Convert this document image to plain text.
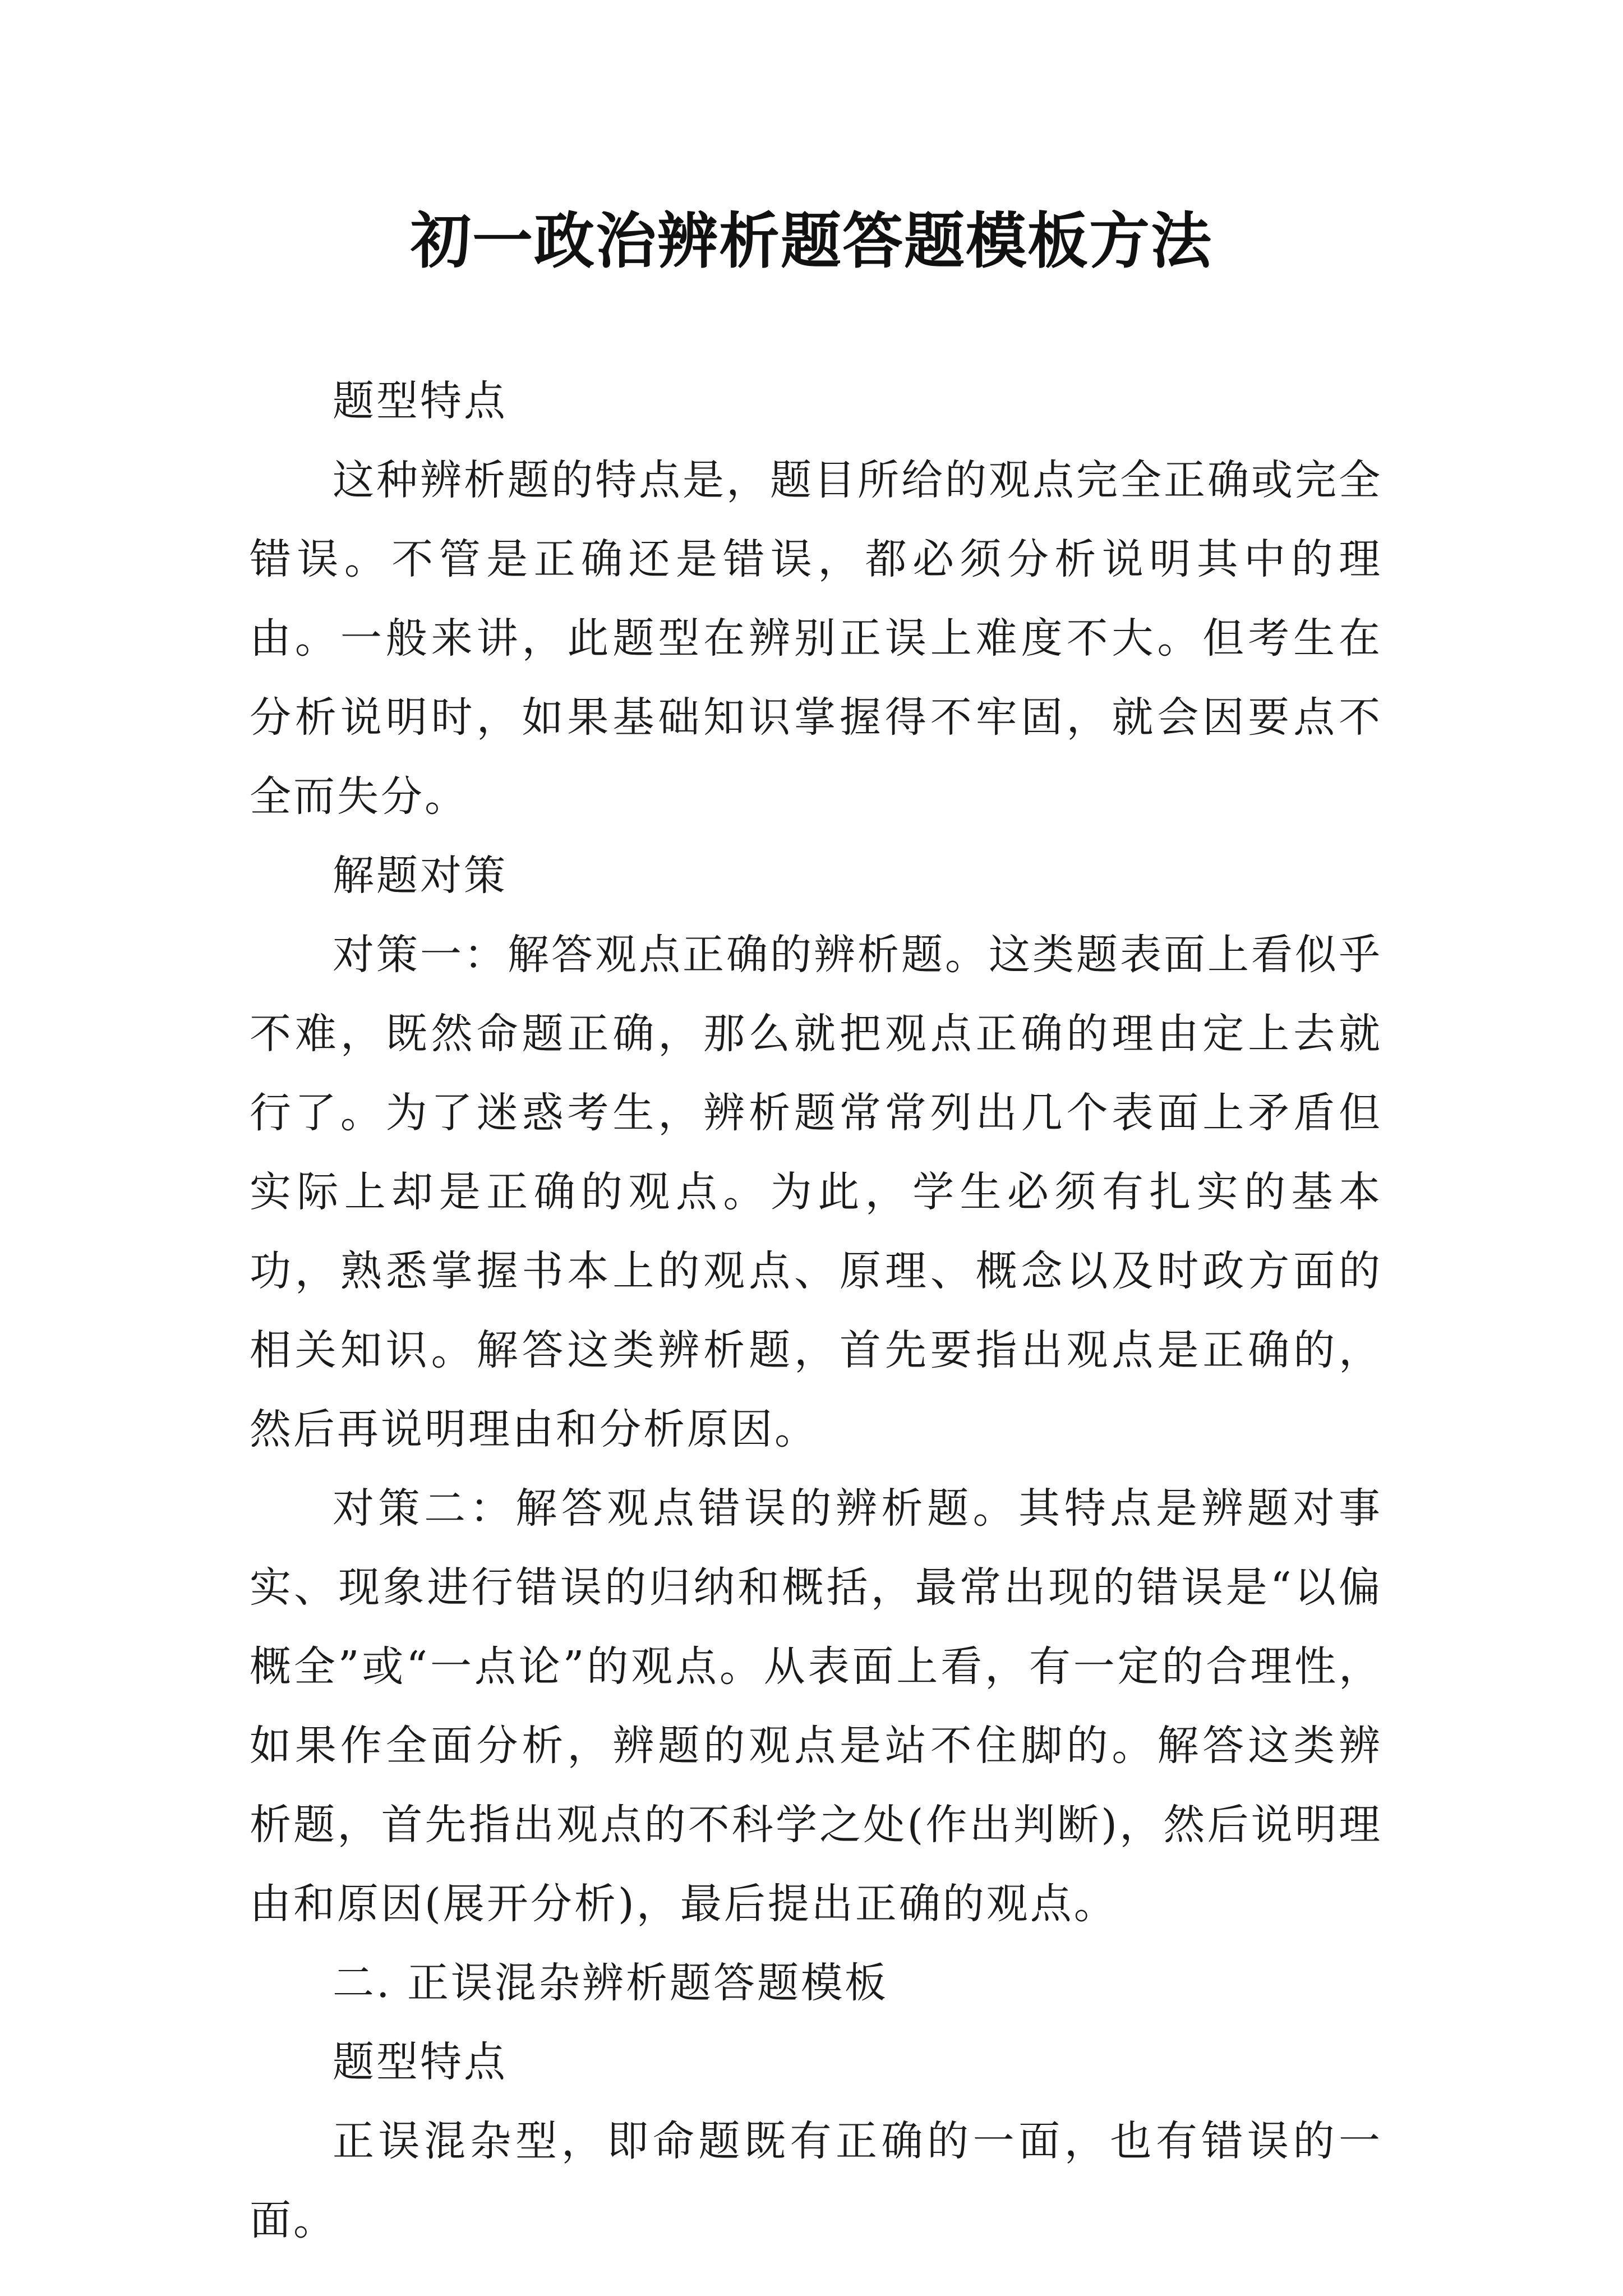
初一政治辨析题答题模板方法

题型特点

这种辨析题的特点是，题目所给的观点完全正确或完全错误。不管是正确还是错误，都必须分析说明其中的理由。一般来讲，此题型在辨别正误上难度不大。但考生在分析说明时，如果基础知识掌握得不牢固，就会因要点不全而失分。

解题对策

对策一：解答观点正确的辨析题。这类题表面上看似乎不难，既然命题正确，那么就把观点正确的理由定上去就行了。为了迷惑考生，辨析题常常列出几个表面上矛盾但 实际上却是正确的观点。为此，学生必须有扎实的基本功，熟悉掌握书本上的观点、原理、概念以及时政方面的相关知识。解答这类辨析题，首先要指出观点是正确的，然后再说明理由和分析原因。

对策二：解答观点错误的辨析题。其特点是辨题对事实、现象进行错误的归纳和概括，最常出现的错误是“以偏概全”或“一点论”的观点。从表面上看，有一定的合理性，如果作全面分析，辨题的观点是站不住脚的。解答这类辨析题，首先指出观点的不科学之处(作出判断)，然后说明理由和原因(展开分析)，最后提出正确的观点。

二. 正误混杂辨析题答题模板

题型特点

正误混杂型，即命题既有正确的一面，也有错误的一面。
